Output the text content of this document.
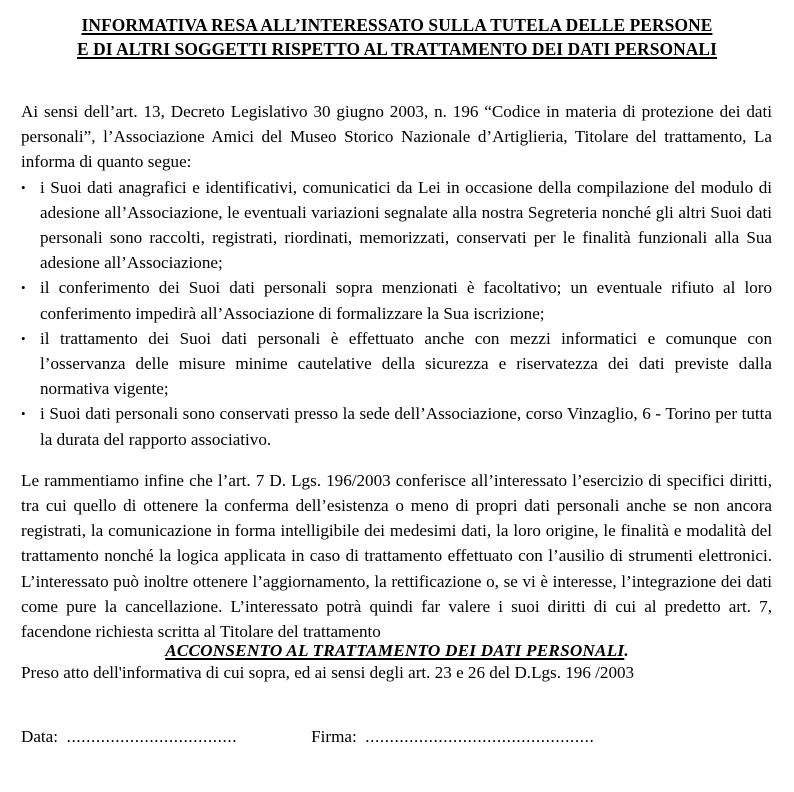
INFORMATIVA RESA ALL’INTERESSATO SULLA TUTELA DELLE PERSONE
E DI ALTRI SOGGETTI RISPETTO AL TRATTAMENTO DEI DATI PERSONALI

Ai sensi dell’art. 13, Decreto Legislativo 30 giugno 2003, n. 196 “Codice in materia di protezione dei dati personali”, l’Associazione Amici del Museo Storico Nazionale d’Artiglieria, Titolare del trattamento, La informa di quanto segue:

• i Suoi dati anagrafici e identificativi, comunicatici da Lei in occasione della compilazione del modulo di adesione all’Associazione, le eventuali variazioni segnalate alla nostra Segreteria nonché gli altri Suoi dati personali sono raccolti, registrati, riordinati, memorizzati, conservati per le finalità funzionali alla Sua adesione all’Associazione;
• il conferimento dei Suoi dati personali sopra menzionati è facoltativo; un eventuale rifiuto al loro conferimento impedirà all’Associazione di formalizzare la Sua iscrizione;
• il trattamento dei Suoi dati personali è effettuato anche con mezzi informatici e comunque con l’osservanza delle misure minime cautelative della sicurezza e riservatezza dei dati previste dalla normativa vigente;
• i Suoi dati personali sono conservati presso la sede dell’Associazione, corso Vinzaglio, 6 - Torino per tutta la durata del rapporto associativo.

Le rammentiamo infine che l’art. 7 D. Lgs. 196/2003 conferisce all’interessato l’esercizio di specifici diritti, tra cui quello di ottenere la conferma dell’esistenza o meno di propri dati personali anche se non ancora registrati, la comunicazione in forma intelligibile dei medesimi dati, la loro origine, le finalità e modalità del trattamento nonché la logica applicata in caso di trattamento effettuato con l’ausilio di strumenti elettronici. L’interessato può inoltre ottenere l’aggiornamento, la rettificazione o, se vi è interesse, l’integrazione dei dati come pure la cancellazione. L’interessato potrà quindi far valere i suoi diritti di cui al predetto art. 7, facendone richiesta scritta al Titolare del trattamento

Preso atto dell'informativa di cui sopra, ed ai sensi degli art. 23 e 26 del D.Lgs. 196 /2003

ACCONSENTO AL TRATTAMENTO DEI DATI PERSONALI.
Data: ...................................	Firma: ...............................................
